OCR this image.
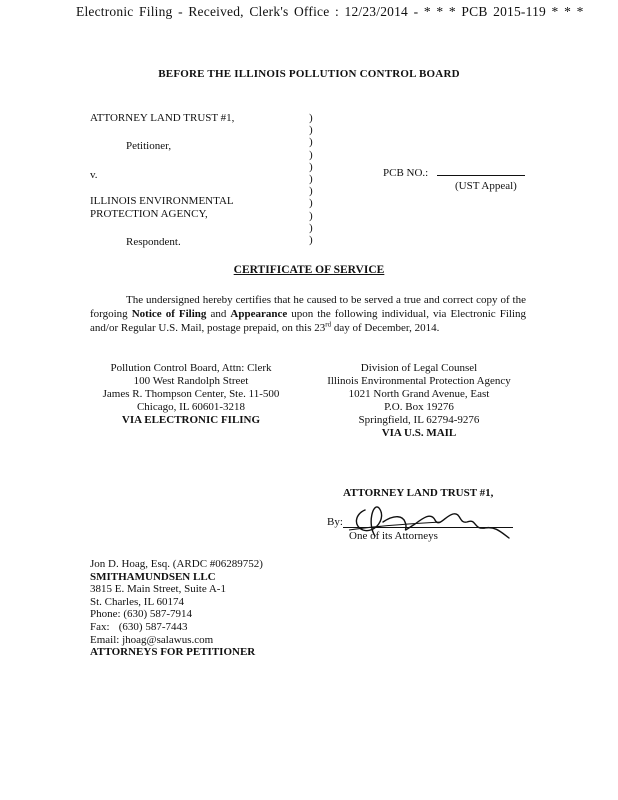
Electronic Filing - Received, Clerk's Office : 12/23/2014 - * * * PCB 2015-119 * * *
BEFORE THE ILLINOIS POLLUTION CONTROL BOARD
ATTORNEY LAND TRUST #1,
Petitioner,
v.
ILLINOIS ENVIRONMENTAL
PROTECTION AGENCY,
Respondent.
)
)
)
)
)
)
)
)
)
)
)
PCB NO.:
(UST Appeal)
CERTIFICATE OF SERVICE
The undersigned hereby certifies that he caused to be served a true and correct copy of the forgoing Notice of Filing and Appearance upon the following individual, via Electronic Filing and/or Regular U.S. Mail, postage prepaid, on this 23rd day of December, 2014.
Pollution Control Board, Attn: Clerk
100 West Randolph Street
James R. Thompson Center, Ste. 11-500
Chicago, IL 60601-3218
VIA ELECTRONIC FILING
Division of Legal Counsel
Illinois Environmental Protection Agency
1021 North Grand Avenue, East
P.O. Box 19276
Springfield, IL 62794-9276
VIA U.S. MAIL
ATTORNEY LAND TRUST #1,
By:
One of its Attorneys
Jon D. Hoag, Esq. (ARDC #06289752)
SMITHAMUNDSEN LLC
3815 E. Main Street, Suite A-1
St. Charles, IL 60174
Phone: (630) 587-7914
Fax: (630) 587-7443
Email: jhoag@salawus.com
ATTORNEYS FOR PETITIONER
